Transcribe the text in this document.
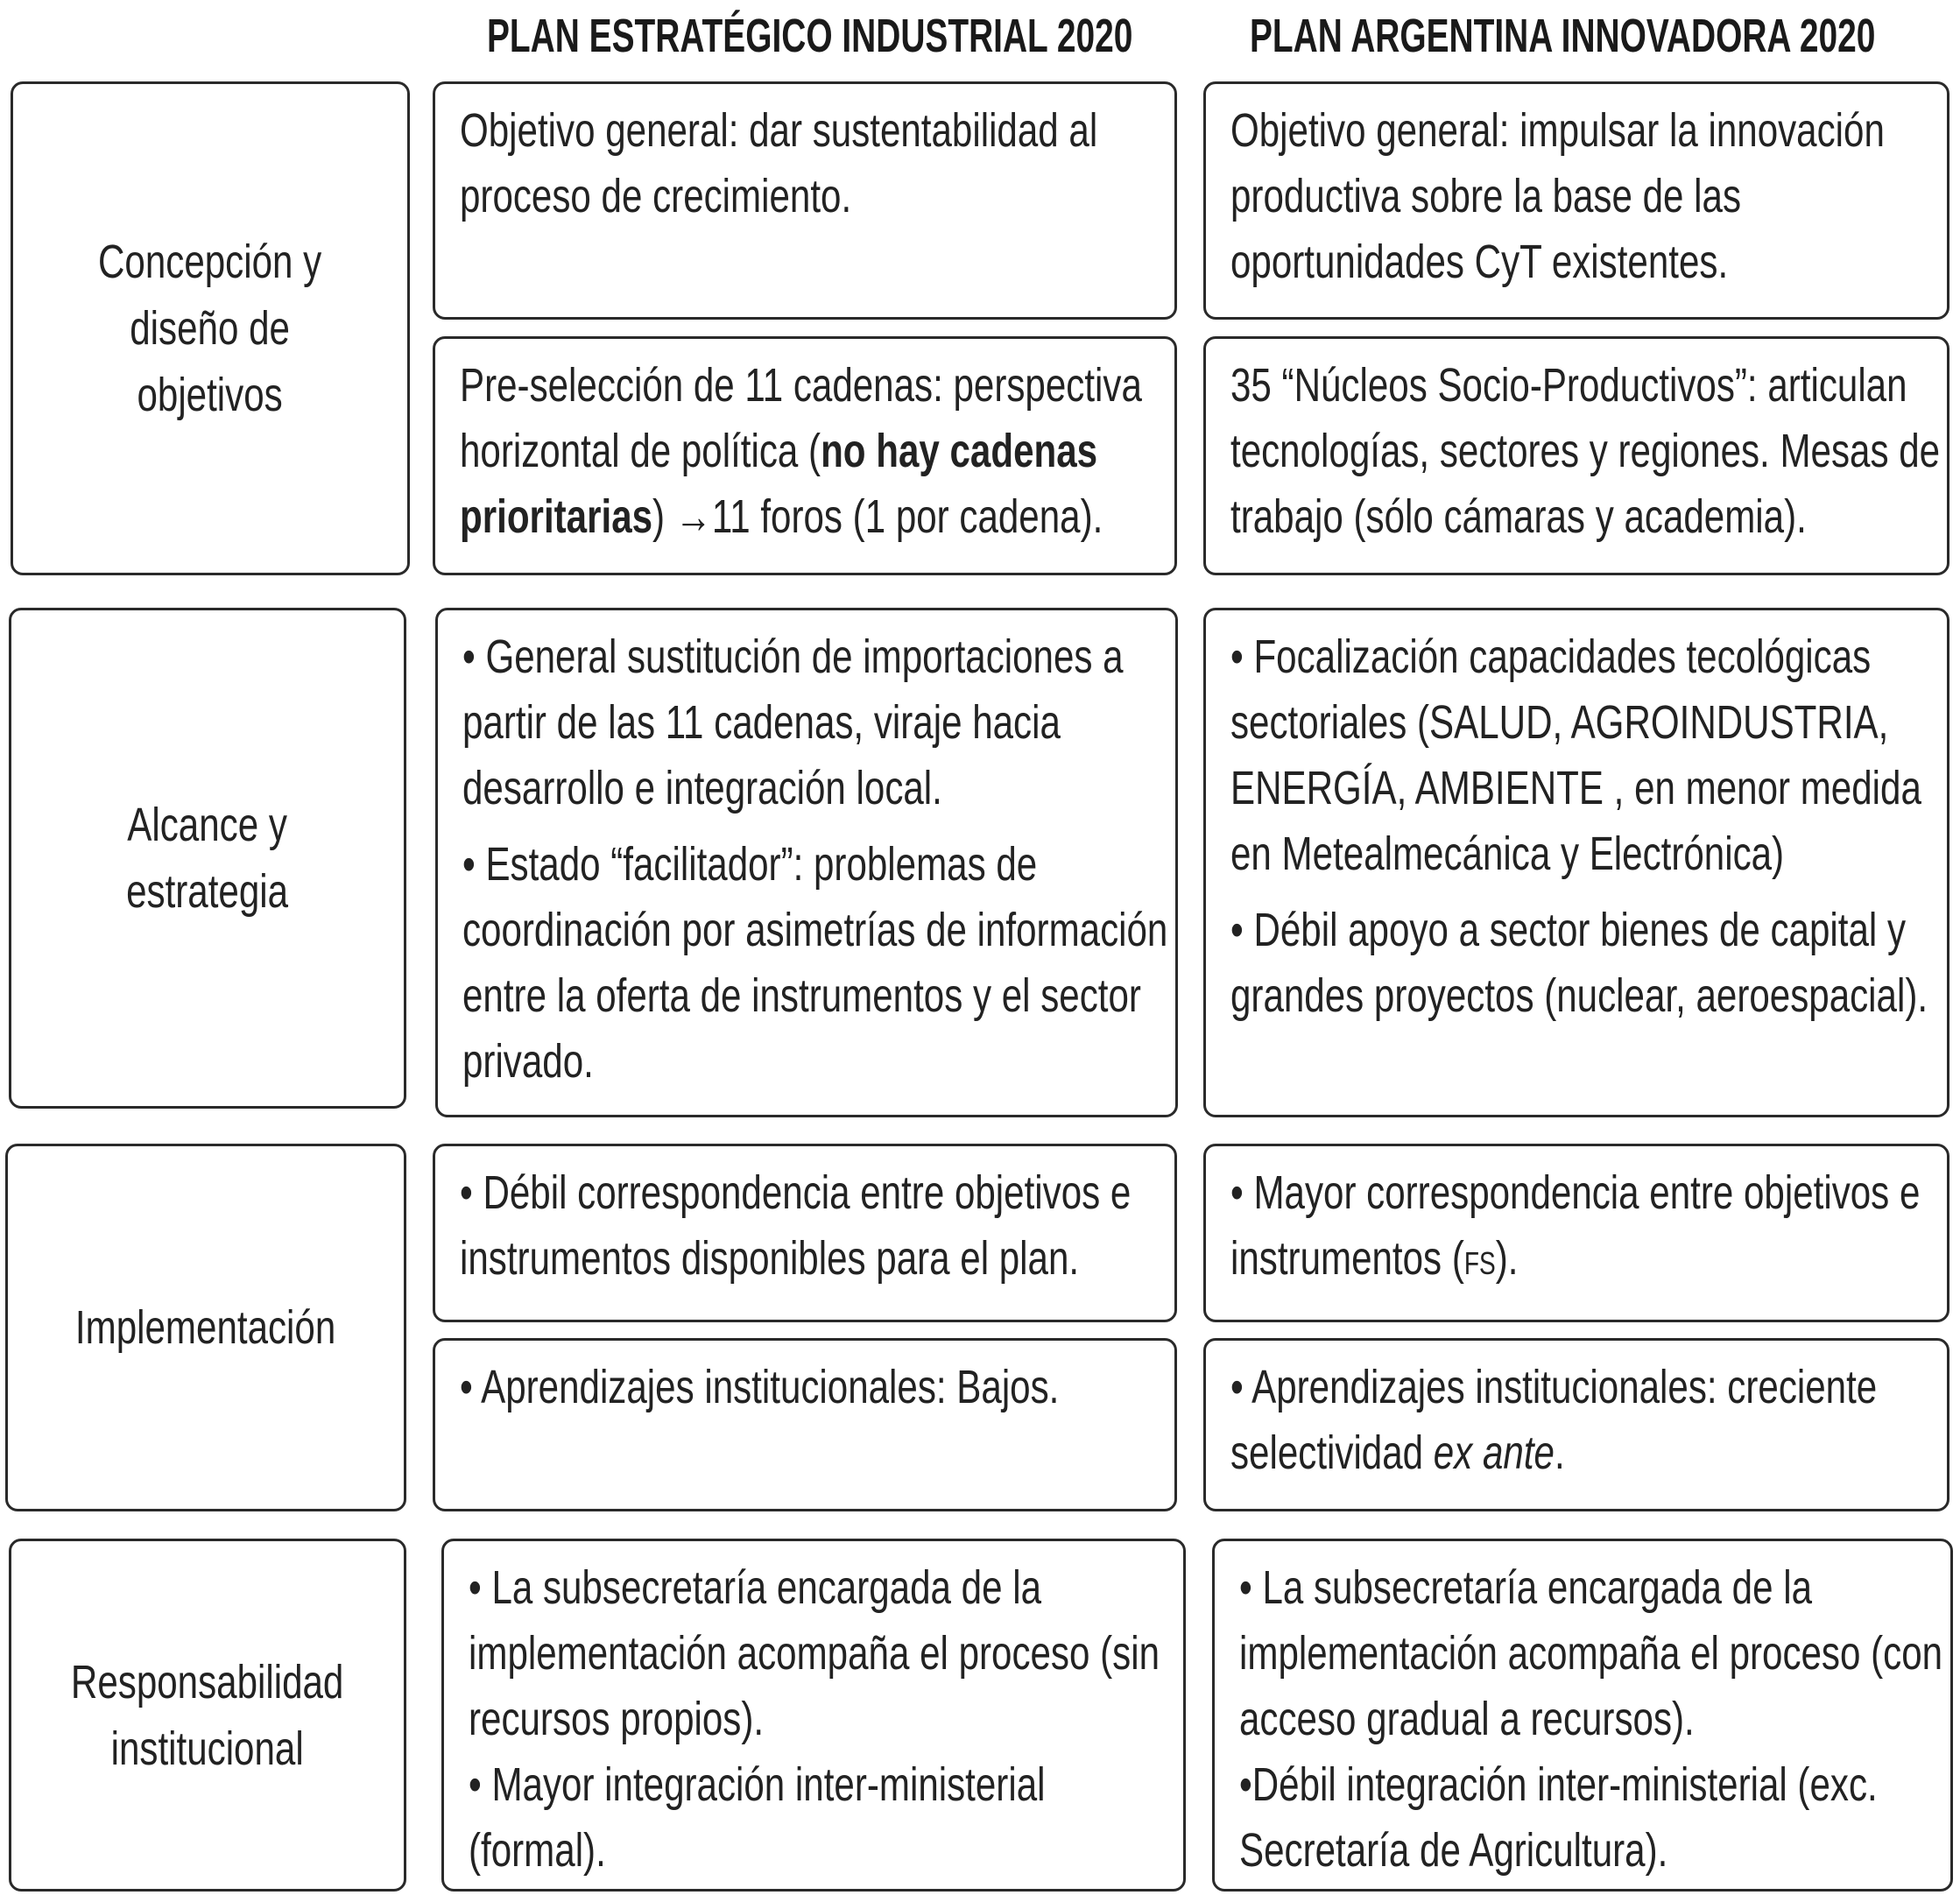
PLAN ESTRATÉGICO INDUSTRIAL 2020 PLAN ARGENTINA INNOVADORA 2020
Concepción y
diseño de
objetivos
Objetivo general: dar sustentabilidad al proceso de crecimiento.
Objetivo general: impulsar la innovación productiva sobre la base de las oportunidades CyT existentes.
Pre-selección de 11 cadenas: perspectiva horizontal de política (no hay cadenas prioritarias) →11 foros (1 por cadena).
35 “Núcleos Socio-Productivos”: articulan tecnologías, sectores y regiones. Mesas de trabajo (sólo cámaras y academia).
Alcance y
estrategia

• General sustitución de importaciones a partir de las 11 cadenas, viraje hacia desarrollo e integración local.

• Estado “facilitador”: problemas de coordinación por asimetrías de información entre la oferta de instrumentos y el sector privado.

• Focalización capacidades tecológicas sectoriales (SALUD, AGROINDUSTRIA, ENERGÍA, AMBIENTE , en menor medida en Metealmecánica y Electrónica)

• Débil apoyo a sector bienes de capital y grandes proyectos (nuclear, aeroespacial).

Implementación
• Débil correspondencia entre objetivos e instrumentos disponibles para el plan.
• Mayor correspondencia entre objetivos e instrumentos (FS).
• Aprendizajes institucionales: Bajos.	• Aprendizajes institucionales: creciente selectividad ex ante.
Responsabilidad
institucional

• La subsecretaría encargada de la implementación acompaña el proceso (sin recursos propios).

• Mayor integración inter-ministerial (formal).

• La subsecretaría encargada de la implementación acompaña el proceso (con acceso gradual a recursos).

•Débil integración inter-ministerial (exc. Secretaría de Agricultura).
